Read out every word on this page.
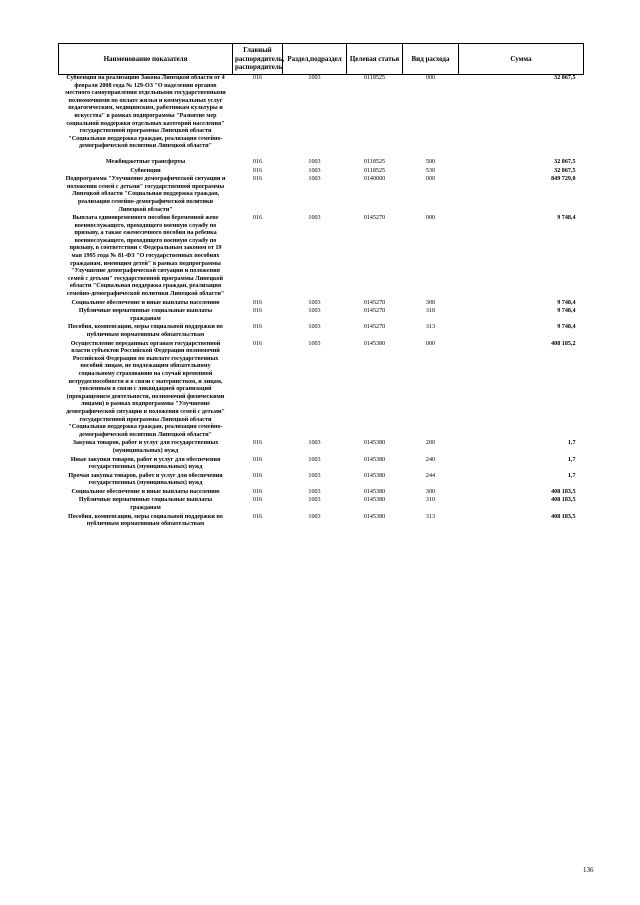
Наименование показателя	Главный распорядитель, распорядитель	Раздел,подраздел	Целевая статья	Вид расхода	Сумма
Субвенция на реализацию Закона Липецкой области от 4 февраля 2008 года № 129-ОЗ "О наделении органов местного самоуправления отдельными государственными полномочиями по оплате жилья и коммунальных услуг педагогическим, медицинским, работникам культуры и искусства" в рамках подпрограммы "Развитие мер социальной поддержки отдельных категорий населения" государственной программы Липецкой области "Социальная поддержка граждан, реализация семейно-демографической политики Липецкой области"	016	1003	0118525	000	32 867,5
Межбюджетные трансферты	016	1003	0118525	500	32 867,5
Субвенции	016	1003	0118525	530	32 867,5
Подпрограмма "Улучшение демографической ситуации и положения семей с детьми" государственной программы Липецкой области "Социальная поддержка граждан, реализация семейно-демографической политики Липецкой области"	016	1003	0140000	000	849 729,0
Выплата единовременного пособия беременной жене военнослужащего, проходящего военную службу по призыву, а также ежемесячного пособия на ребенка военнослужащего, проходящего военную службу по призыву, в соответствии с Федеральным законом от 19 мая 1995 года № 81-ФЗ "О государственных пособиях гражданам, имеющим детей" в рамках подпрограммы "Улучшение демографической ситуации и положения семей с детьми" государственной программы Липецкой области "Социальная поддержка граждан, реализация семейно-демографической политики Липецкой области"	016	1003	0145270	000	9 748,4
Социальное обеспечение и иные выплаты населению	016	1003	0145270	300	9 748,4
Публичные нормативные социальные выплаты гражданам	016	1003	0145270	310	9 748,4
Пособия, компенсации, меры социальной поддержки по публичным нормативным обязательствам	016	1003	0145270	313	9 748,4
Осуществление переданных органам государственной власти субъектов Российской Федерации полномочий Российской Федерации по выплате государственных пособий лицам, не подлежащим обязательному социальному страхованию на случай временной нетрудоспособности и в связи с материнством, и лицам, уволенным в связи с ликвидацией организаций (прекращением деятельности, полномочий физическими лицами) в рамках подпрограммы "Улучшение демографической ситуации и положения семей с детьми" государственной программы Липецкой области "Социальная поддержка граждан, реализация семейно-демографической политики Липецкой области"	016	1003	0145380	000	408 185,2
Закупка товаров, работ и услуг для государственных (муниципальных) нужд	016	1003	0145380	200	1,7
Иные закупки товаров, работ и услуг для обеспечения государственных (муниципальных) нужд	016	1003	0145380	240	1,7
Прочая закупка товаров, работ и услуг для обеспечения государственных (муниципальных) нужд	016	1003	0145380	244	1,7
Социальное обеспечение и иные выплаты населению	016	1003	0145380	300	408 183,5
Публичные нормативные социальные выплаты гражданам	016	1003	0145380	310	408 183,5
Пособия, компенсации, меры социальной поддержки по публичным нормативным обязательствам	016	1003	0145380	313	408 183,5
136
